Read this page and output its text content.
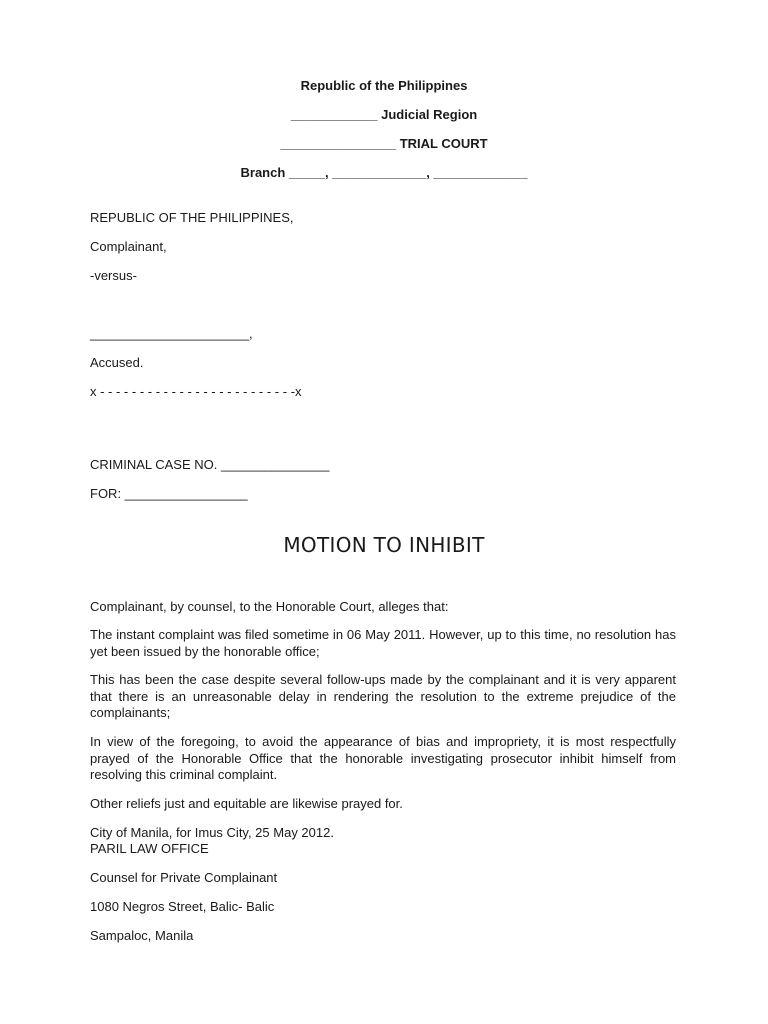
Republic of the Philippines
____________ Judicial Region
________________ TRIAL COURT
Branch _____, _____________, _____________
REPUBLIC OF THE PHILIPPINES,
Complainant,
-versus-
______________________,
Accused.
x - - - - - - - - - - - - - - - - - - - - - - - - -x
CRIMINAL CASE NO. _______________
FOR: _________________
MOTION TO INHIBIT
Complainant, by counsel, to the Honorable Court, alleges that:
The instant complaint was filed sometime in 06 May 2011. However, up to this time, no resolution has yet been issued by the honorable office;
This has been the case despite several follow-ups made by the complainant and it is very apparent that there is an unreasonable delay in rendering the resolution to the extreme prejudice of the complainants;
In view of the foregoing, to avoid the appearance of bias and impropriety, it is most respectfully prayed of the Honorable Office that the honorable investigating prosecutor inhibit himself from resolving this criminal complaint.
Other reliefs just and equitable are likewise prayed for.
City of Manila, for Imus City, 25 May 2012.
PARIL LAW OFFICE
Counsel for Private Complainant
1080 Negros Street, Balic- Balic
Sampaloc, Manila
